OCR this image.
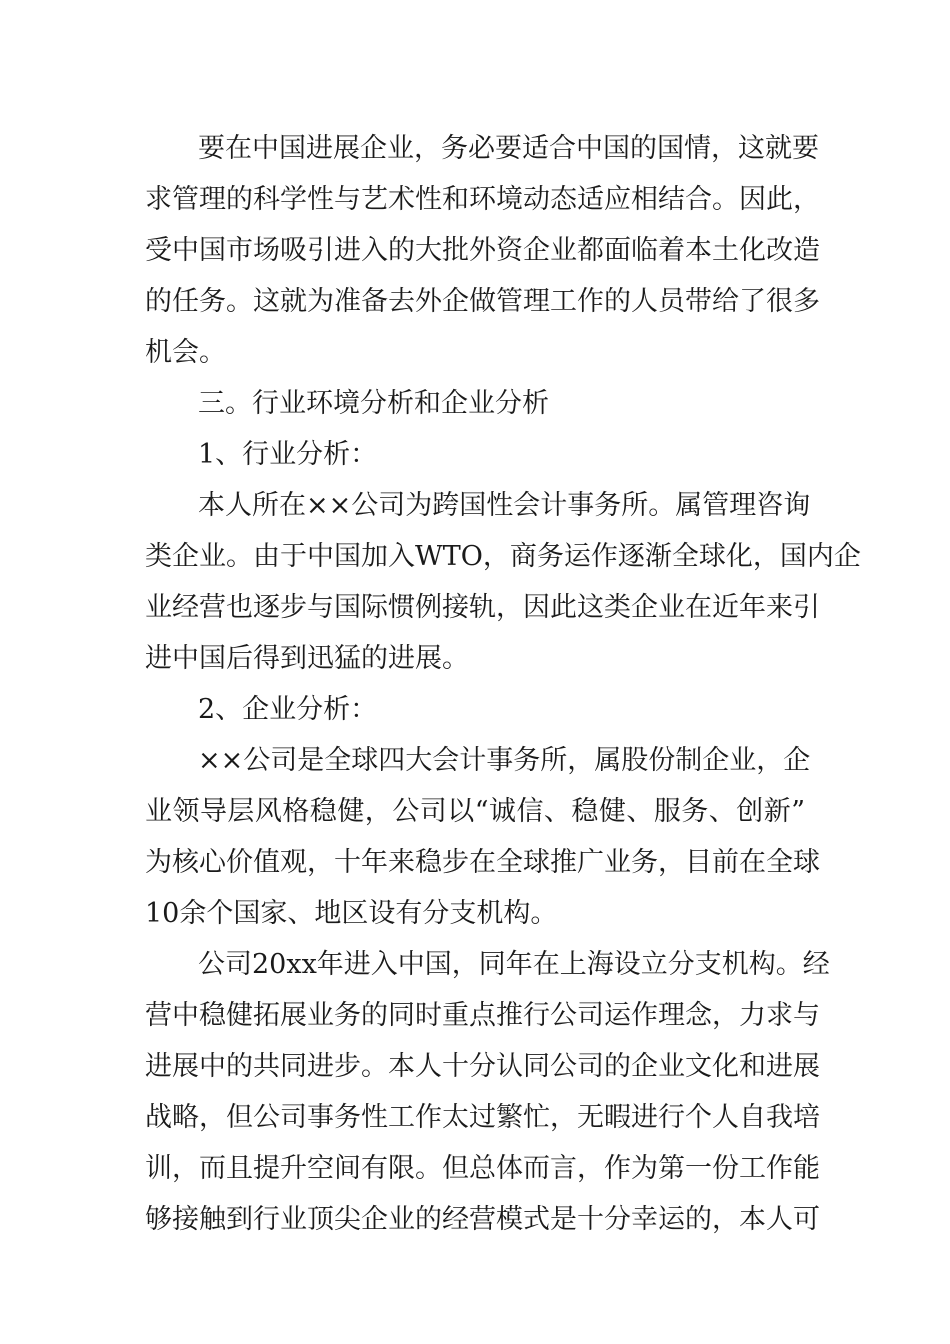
要在中国进展企业，务必要适合中国的国情，这就要
求管理的科学性与艺术性和环境动态适应相结合。因此，
受中国市场吸引进入的大批外资企业都面临着本土化改造
的任务。这就为准备去外企做管理工作的人员带给了很多
机会。
三。行业环境分析和企业分析
1、行业分析：
本人所在××公司为跨国性会计事务所。属管理咨询
类企业。由于中国加入WTO，商务运作逐渐全球化，国内企
业经营也逐步与国际惯例接轨，因此这类企业在近年来引
进中国后得到迅猛的进展。
2、企业分析：
××公司是全球四大会计事务所，属股份制企业，企
业领导层风格稳健，公司以“诚信、稳健、服务、创新”
为核心价值观，十年来稳步在全球推广业务，目前在全球
10余个国家、地区设有分支机构。
公司20xx年进入中国，同年在上海设立分支机构。经
营中稳健拓展业务的同时重点推行公司运作理念，力求与
进展中的共同进步。本人十分认同公司的企业文化和进展
战略，但公司事务性工作太过繁忙，无暇进行个人自我培
训，而且提升空间有限。但总体而言，作为第一份工作能
够接触到行业顶尖企业的经营模式是十分幸运的，本人可
